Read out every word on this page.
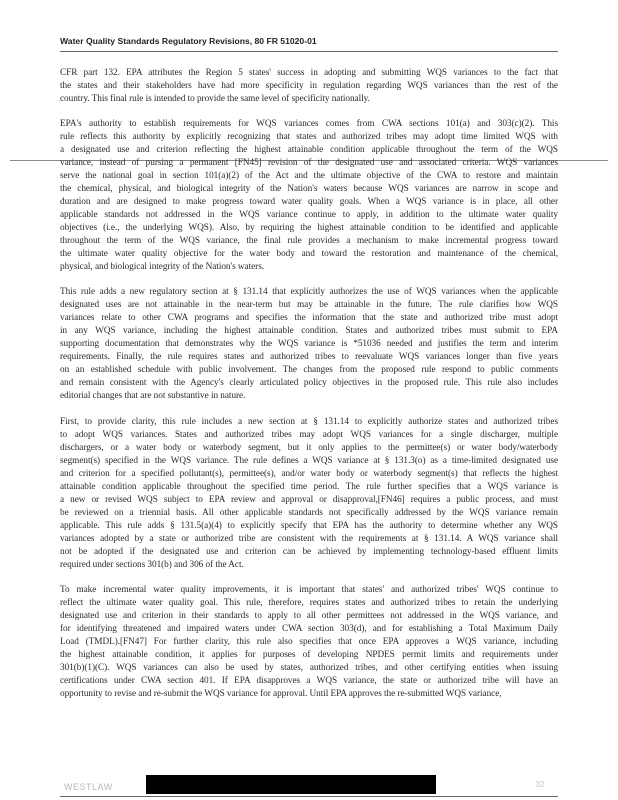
Water Quality Standards Regulatory Revisions, 80 FR 51020-01
CFR part 132. EPA attributes the Region 5 states' success in adopting and submitting WQS variances to the fact that
the states and their stakeholders have had more specificity in regulation regarding WQS variances than the rest of the
country. This final rule is intended to provide the same level of specificity nationally.
EPA's authority to establish requirements for WQS variances comes from CWA sections 101(a) and 303(c)(2). This
rule reflects this authority by explicitly recognizing that states and authorized tribes may adopt time limited WQS with
a designated use and criterion reflecting the highest attainable condition applicable throughout the term of the WQS
variance, instead of pursing a permanent [FN45] revision of the designated use and associated criteria. WQS variances
serve the national goal in section 101(a)(2) of the Act and the ultimate objective of the CWA to restore and maintain
the chemical, physical, and biological integrity of the Nation's waters because WQS variances are narrow in scope and
duration and are designed to make progress toward water quality goals. When a WQS variance is in place, all other
applicable standards not addressed in the WQS variance continue to apply, in addition to the ultimate water quality
objectives (i.e., the underlying WQS). Also, by requiring the highest attainable condition to be identified and applicable
throughout the term of the WQS variance, the final rule provides a mechanism to make incremental progress toward
the ultimate water quality objective for the water body and toward the restoration and maintenance of the chemical,
physical, and biological integrity of the Nation's waters.
This rule adds a new regulatory section at § 131.14 that explicitly authorizes the use of WQS variances when the applicable
designated uses are not attainable in the near-term but may be attainable in the future. The rule clarifies how WQS
variances relate to other CWA programs and specifies the information that the state and authorized tribe must adopt
in any WQS variance, including the highest attainable condition. States and authorized tribes must submit to EPA
supporting documentation that demonstrates why the WQS variance is *51036 needed and justifies the term and interim
requirements. Finally, the rule requires states and authorized tribes to reevaluate WQS variances longer than five years
on an established schedule with public involvement. The changes from the proposed rule respond to public comments
and remain consistent with the Agency's clearly articulated policy objectives in the proposed rule. This rule also includes
editorial changes that are not substantive in nature.
First, to provide clarity, this rule includes a new section at § 131.14 to explicitly authorize states and authorized tribes
to adopt WQS variances. States and authorized tribes may adopt WQS variances for a single discharger, multiple
dischargers, or a water body or waterbody segment, but it only applies to the permittee(s) or water body/waterbody
segment(s) specified in the WQS variance. The rule defines a WQS variance at § 131.3(o) as a time-limited designated use
and criterion for a specified pollutant(s), permittee(s), and/or water body or waterbody segment(s) that reflects the highest
attainable condition applicable throughout the specified time period. The rule further specifies that a WQS variance is
a new or revised WQS subject to EPA review and approval or disapproval,[FN46] requires a public process, and must
be reviewed on a triennial basis. All other applicable standards not specifically addressed by the WQS variance remain
applicable. This rule adds § 131.5(a)(4) to explicitly specify that EPA has the authority to determine whether any WQS
variances adopted by a state or authorized tribe are consistent with the requirements at § 131.14. A WQS variance shall
not be adopted if the designated use and criterion can be achieved by implementing technology-based effluent limits
required under sections 301(b) and 306 of the Act.
To make incremental water quality improvements, it is important that states' and authorized tribes' WQS continue to
reflect the ultimate water quality goal. This rule, therefore, requires states and authorized tribes to retain the underlying
designated use and criterion in their standards to apply to all other permittees not addressed in the WQS variance, and
for identifying threatened and impaired waters under CWA section 303(d), and for establishing a Total Maximum Daily
Load (TMDL).[FN47] For further clarity, this rule also specifies that once EPA approves a WQS variance, including
the highest attainable condition, it applies for purposes of developing NPDES permit limits and requirements under
301(b)(1)(C). WQS variances can also be used by states, authorized tribes, and other certifying entities when issuing
certifications under CWA section 401. If EPA disapproves a WQS variance, the state or authorized tribe will have an
opportunity to revise and re-submit the WQS variance for approval. Until EPA approves the re-submitted WQS variance,
WESTLAW	32
